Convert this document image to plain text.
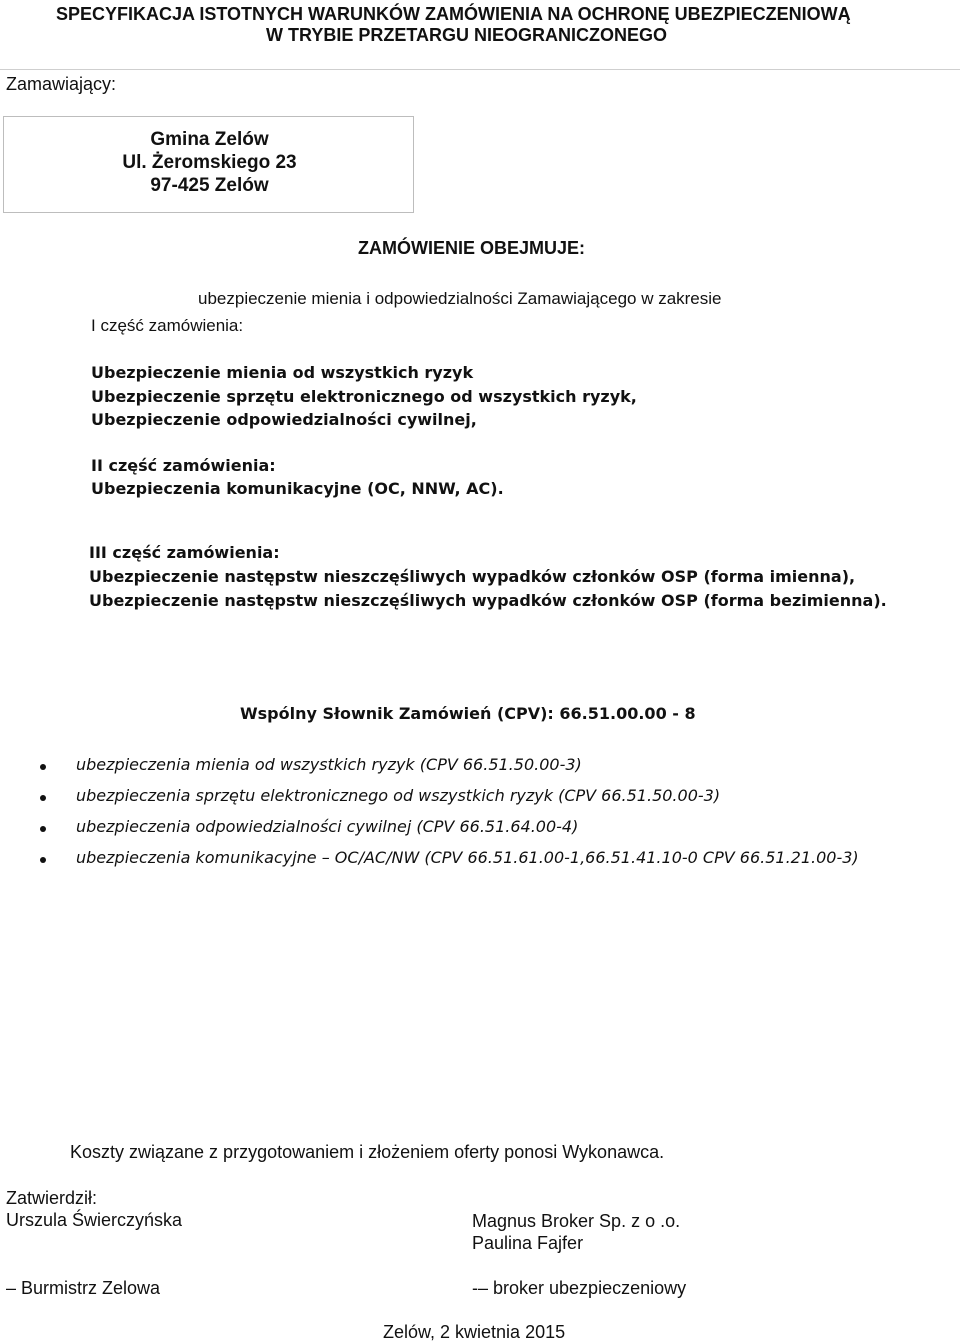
SPECYFIKACJA ISTOTNYCH WARUNKÓW ZAMÓWIENIA NA OCHRONĘ UBEZPIECZENIOWĄ
W TRYBIE PRZETARGU NIEOGRANICZONEGO
Zamawiający:
Gmina Zelów
Ul. Żeromskiego 23
97-425 Zelów
ZAMÓWIENIE OBEJMUJE:
ubezpieczenie mienia i odpowiedzialności Zamawiającego w zakresie
I część zamówienia:
Ubezpieczenie mienia od wszystkich ryzyk
Ubezpieczenie sprzętu elektronicznego od wszystkich ryzyk,
Ubezpieczenie odpowiedzialności cywilnej,
II część zamówienia:
Ubezpieczenia komunikacyjne (OC, NNW, AC).
III część zamówienia:
Ubezpieczenie następstw nieszczęśliwych wypadków członków OSP (forma imienna),
Ubezpieczenie następstw nieszczęśliwych wypadków członków OSP (forma bezimienna).
Wspólny Słownik Zamówień (CPV): 66.51.00.00 - 8
ubezpieczenia mienia od wszystkich ryzyk (CPV 66.51.50.00-3)
ubezpieczenia sprzętu elektronicznego od wszystkich ryzyk (CPV 66.51.50.00-3)
ubezpieczenia odpowiedzialności cywilnej (CPV 66.51.64.00-4)
ubezpieczenia komunikacyjne – OC/AC/NW (CPV 66.51.61.00-1,66.51.41.10-0 CPV 66.51.21.00-3)
Koszty związane z przygotowaniem i złożeniem oferty ponosi Wykonawca.
Zatwierdził:
Urszula Świerczyńska
– Burmistrz Zelowa
Magnus Broker Sp. z o .o.
Paulina Fajfer
-– broker ubezpieczeniowy
Zelów, 2 kwietnia 2015
